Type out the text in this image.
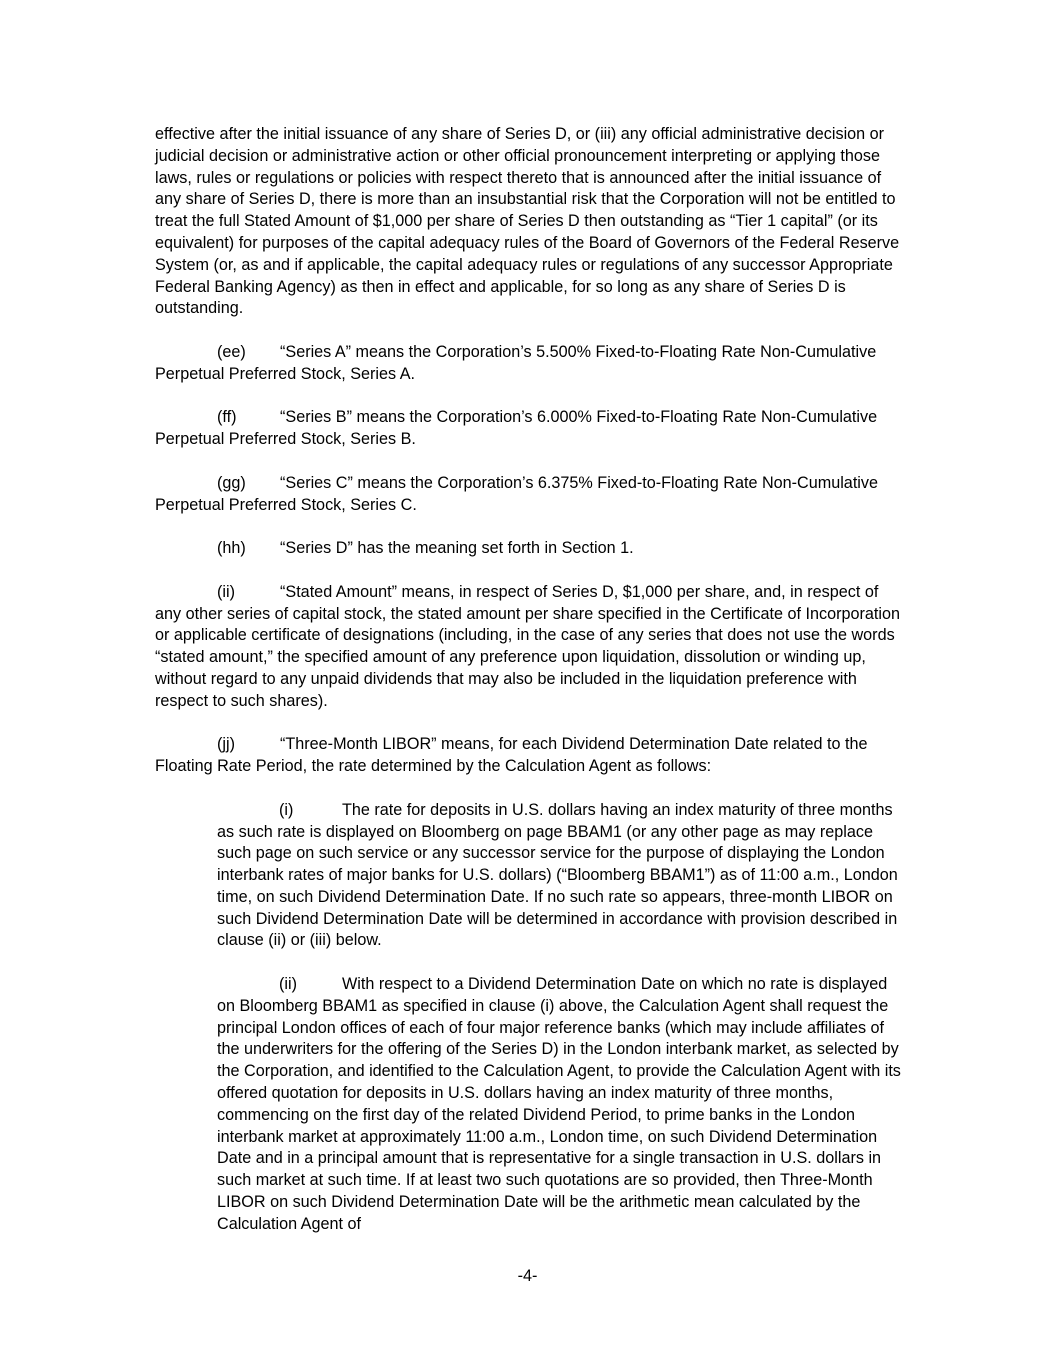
effective after the initial issuance of any share of Series D, or (iii) any official administrative decision or judicial decision or administrative action or other official pronouncement interpreting or applying those laws, rules or regulations or policies with respect thereto that is announced after the initial issuance of any share of Series D, there is more than an insubstantial risk that the Corporation will not be entitled to treat the full Stated Amount of $1,000 per share of Series D then outstanding as “Tier 1 capital” (or its equivalent) for purposes of the capital adequacy rules of the Board of Governors of the Federal Reserve System (or, as and if applicable, the capital adequacy rules or regulations of any successor Appropriate Federal Banking Agency) as then in effect and applicable, for so long as any share of Series D is outstanding.

(ee) “Series A” means the Corporation’s 5.500% Fixed-to-Floating Rate Non-Cumulative Perpetual Preferred Stock, Series A.

(ff)	“Series B” means the Corporation’s 6.000% Fixed-to-Floating Rate Non-Cumulative Perpetual Preferred Stock, Series B.

(gg) “Series C” means the Corporation’s 6.375% Fixed-to-Floating Rate Non-Cumulative Perpetual Preferred Stock, Series C.

(hh) “Series D” has the meaning set forth in Section 1.

(ii)	“Stated Amount” means, in respect of Series D, $1,000 per share, and, in respect of any other series of capital stock, the stated amount per share specified in the Certificate of Incorporation or applicable certificate of designations (including, in the case of any series that does not use the words “stated amount,” the specified amount of any preference upon liquidation, dissolution or winding up, without regard to any unpaid dividends that may also be included in the liquidation preference with respect to such shares).

(jj)	“Three-Month LIBOR” means, for each Dividend Determination Date related to the Floating Rate Period, the rate determined by the Calculation Agent as follows:

(i)	The rate for deposits in U.S. dollars having an index maturity of three months as such rate is displayed on Bloomberg on page BBAM1 (or any other page as may replace such page on such service or any successor service for the purpose of displaying the London interbank rates of major banks for U.S. dollars) (“Bloomberg BBAM1”) as of 11:00 a.m., London time, on such Dividend Determination Date. If no such rate so appears, three-month LIBOR on such Dividend Determination Date will be determined in accordance with provision described in clause (ii) or (iii) below.

(ii)	With respect to a Dividend Determination Date on which no rate is displayed on Bloomberg BBAM1 as specified in clause (i) above, the Calculation Agent shall request the principal London offices of each of four major reference banks (which may include affiliates of the underwriters for the offering of the Series D) in the London interbank market, as selected by the Corporation, and identified to the Calculation Agent, to provide the Calculation Agent with its offered quotation for deposits in U.S. dollars having an index maturity of three months, commencing on the first day of the related Dividend Period, to prime banks in the London interbank market at approximately 11:00 a.m., London time, on such Dividend Determination Date and in a principal amount that is representative for a single transaction in U.S. dollars in such market at such time. If at least two such quotations are so provided, then Three-Month LIBOR on such Dividend Determination Date will be the arithmetic mean calculated by the Calculation Agent of

-4-
